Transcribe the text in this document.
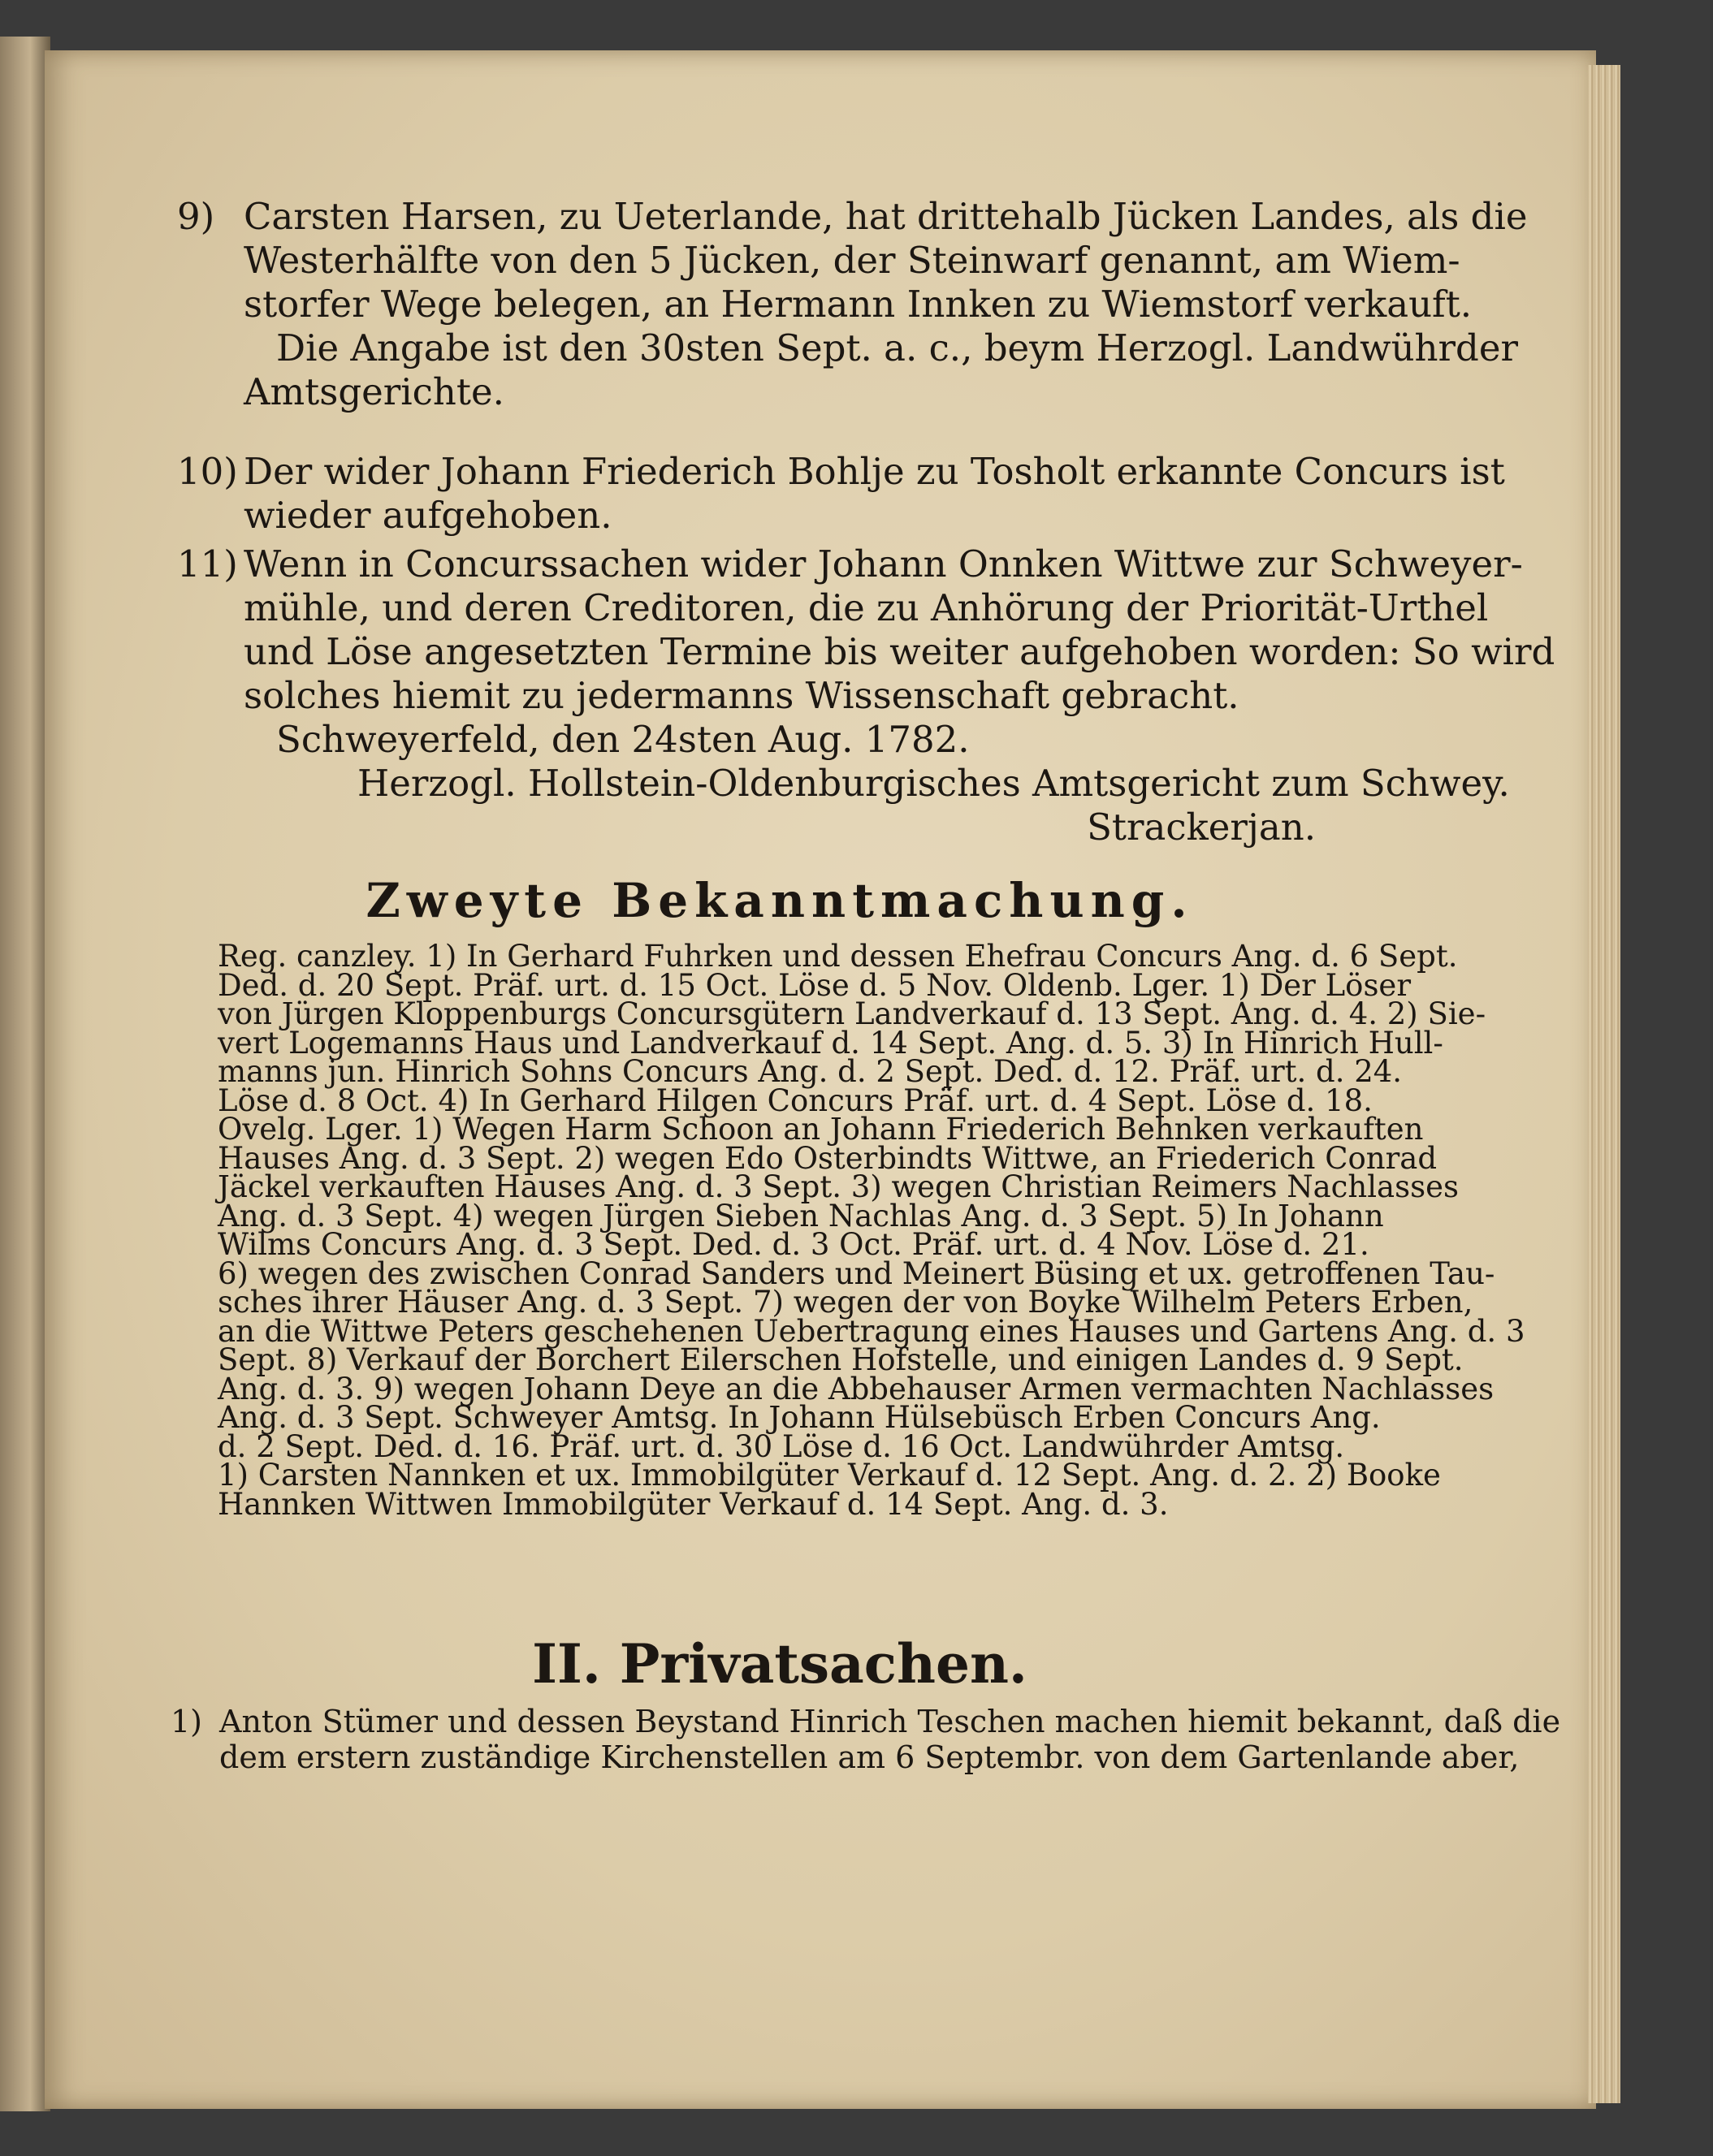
9) Carsten Harsen, zu Ueterlande, hat drittehalb Jücken Landes, als die
Westerhälfte von den 5 Jücken, der Steinwarf genannt, am Wiem-
storfer Wege belegen, an Hermann Innken zu Wiemstorf verkauft.
Die Angabe ist den 30sten Sept. a. c., beym Herzogl. Landwührder
Amtsgerichte.
10) Der wider Johann Friederich Bohlje zu Tosholt erkannte Concurs ist
wieder aufgehoben.
11) Wenn in Concurssachen wider Johann Onnken Wittwe zur Schweyer-
mühle, und deren Creditoren, die zu Anhörung der Priorität-Urthel
und Löse angesetzten Termine bis weiter aufgehoben worden: So wird
solches hiemit zu jedermanns Wissenschaft gebracht.
Schweyerfeld, den 24sten Aug. 1782.
Herzogl. Hollstein-Oldenburgisches Amtsgericht zum Schwey.
Strackerjan.
Zweyte Bekanntmachung.
Reg. canzley. 1) In Gerhard Fuhrken und dessen Ehefrau Concurs Ang. d. 6 Sept.
Ded. d. 20 Sept. Präf. urt. d. 15 Oct. Löse d. 5 Nov. Oldenb. Lger. 1) Der Löser
von Jürgen Kloppenburgs Concursgütern Landverkauf d. 13 Sept. Ang. d. 4. 2) Sie-
vert Logemanns Haus und Landverkauf d. 14 Sept. Ang. d. 5. 3) In Hinrich Hull-
manns jun. Hinrich Sohns Concurs Ang. d. 2 Sept. Ded. d. 12. Präf. urt. d. 24.
Löse d. 8 Oct. 4) In Gerhard Hilgen Concurs Präf. urt. d. 4 Sept. Löse d. 18.
Ovelg. Lger. 1) Wegen Harm Schoon an Johann Friederich Behnken verkauften
Hauses Ang. d. 3 Sept. 2) wegen Edo Osterbindts Wittwe, an Friederich Conrad
Jäckel verkauften Hauses Ang. d. 3 Sept. 3) wegen Christian Reimers Nachlasses
Ang. d. 3 Sept. 4) wegen Jürgen Sieben Nachlas Ang. d. 3 Sept. 5) In Johann
Wilms Concurs Ang. d. 3 Sept. Ded. d. 3 Oct. Präf. urt. d. 4 Nov. Löse d. 21.
6) wegen des zwischen Conrad Sanders und Meinert Büsing et ux. getroffenen Tau-
sches ihrer Häuser Ang. d. 3 Sept. 7) wegen der von Boyke Wilhelm Peters Erben,
an die Wittwe Peters geschehenen Uebertragung eines Hauses und Gartens Ang. d. 3
Sept. 8) Verkauf der Borchert Eilerschen Hofstelle, und einigen Landes d. 9 Sept.
Ang. d. 3. 9) wegen Johann Deye an die Abbehauser Armen vermachten Nachlasses
Ang. d. 3 Sept. Schweyer Amtsg. In Johann Hülsebüsch Erben Concurs Ang.
d. 2 Sept. Ded. d. 16. Präf. urt. d. 30 Löse d. 16 Oct. Landwührder Amtsg.
1) Carsten Nannken et ux. Immobilgüter Verkauf d. 12 Sept. Ang. d. 2. 2) Booke
Hannken Wittwen Immobilgüter Verkauf d. 14 Sept. Ang. d. 3.
II. Privatsachen.
1) Anton Stümer und dessen Beystand Hinrich Teschen machen hiemit bekannt, daß die
dem erstern zuständige Kirchenstellen am 6 Septembr. von dem Gartenlande aber,
